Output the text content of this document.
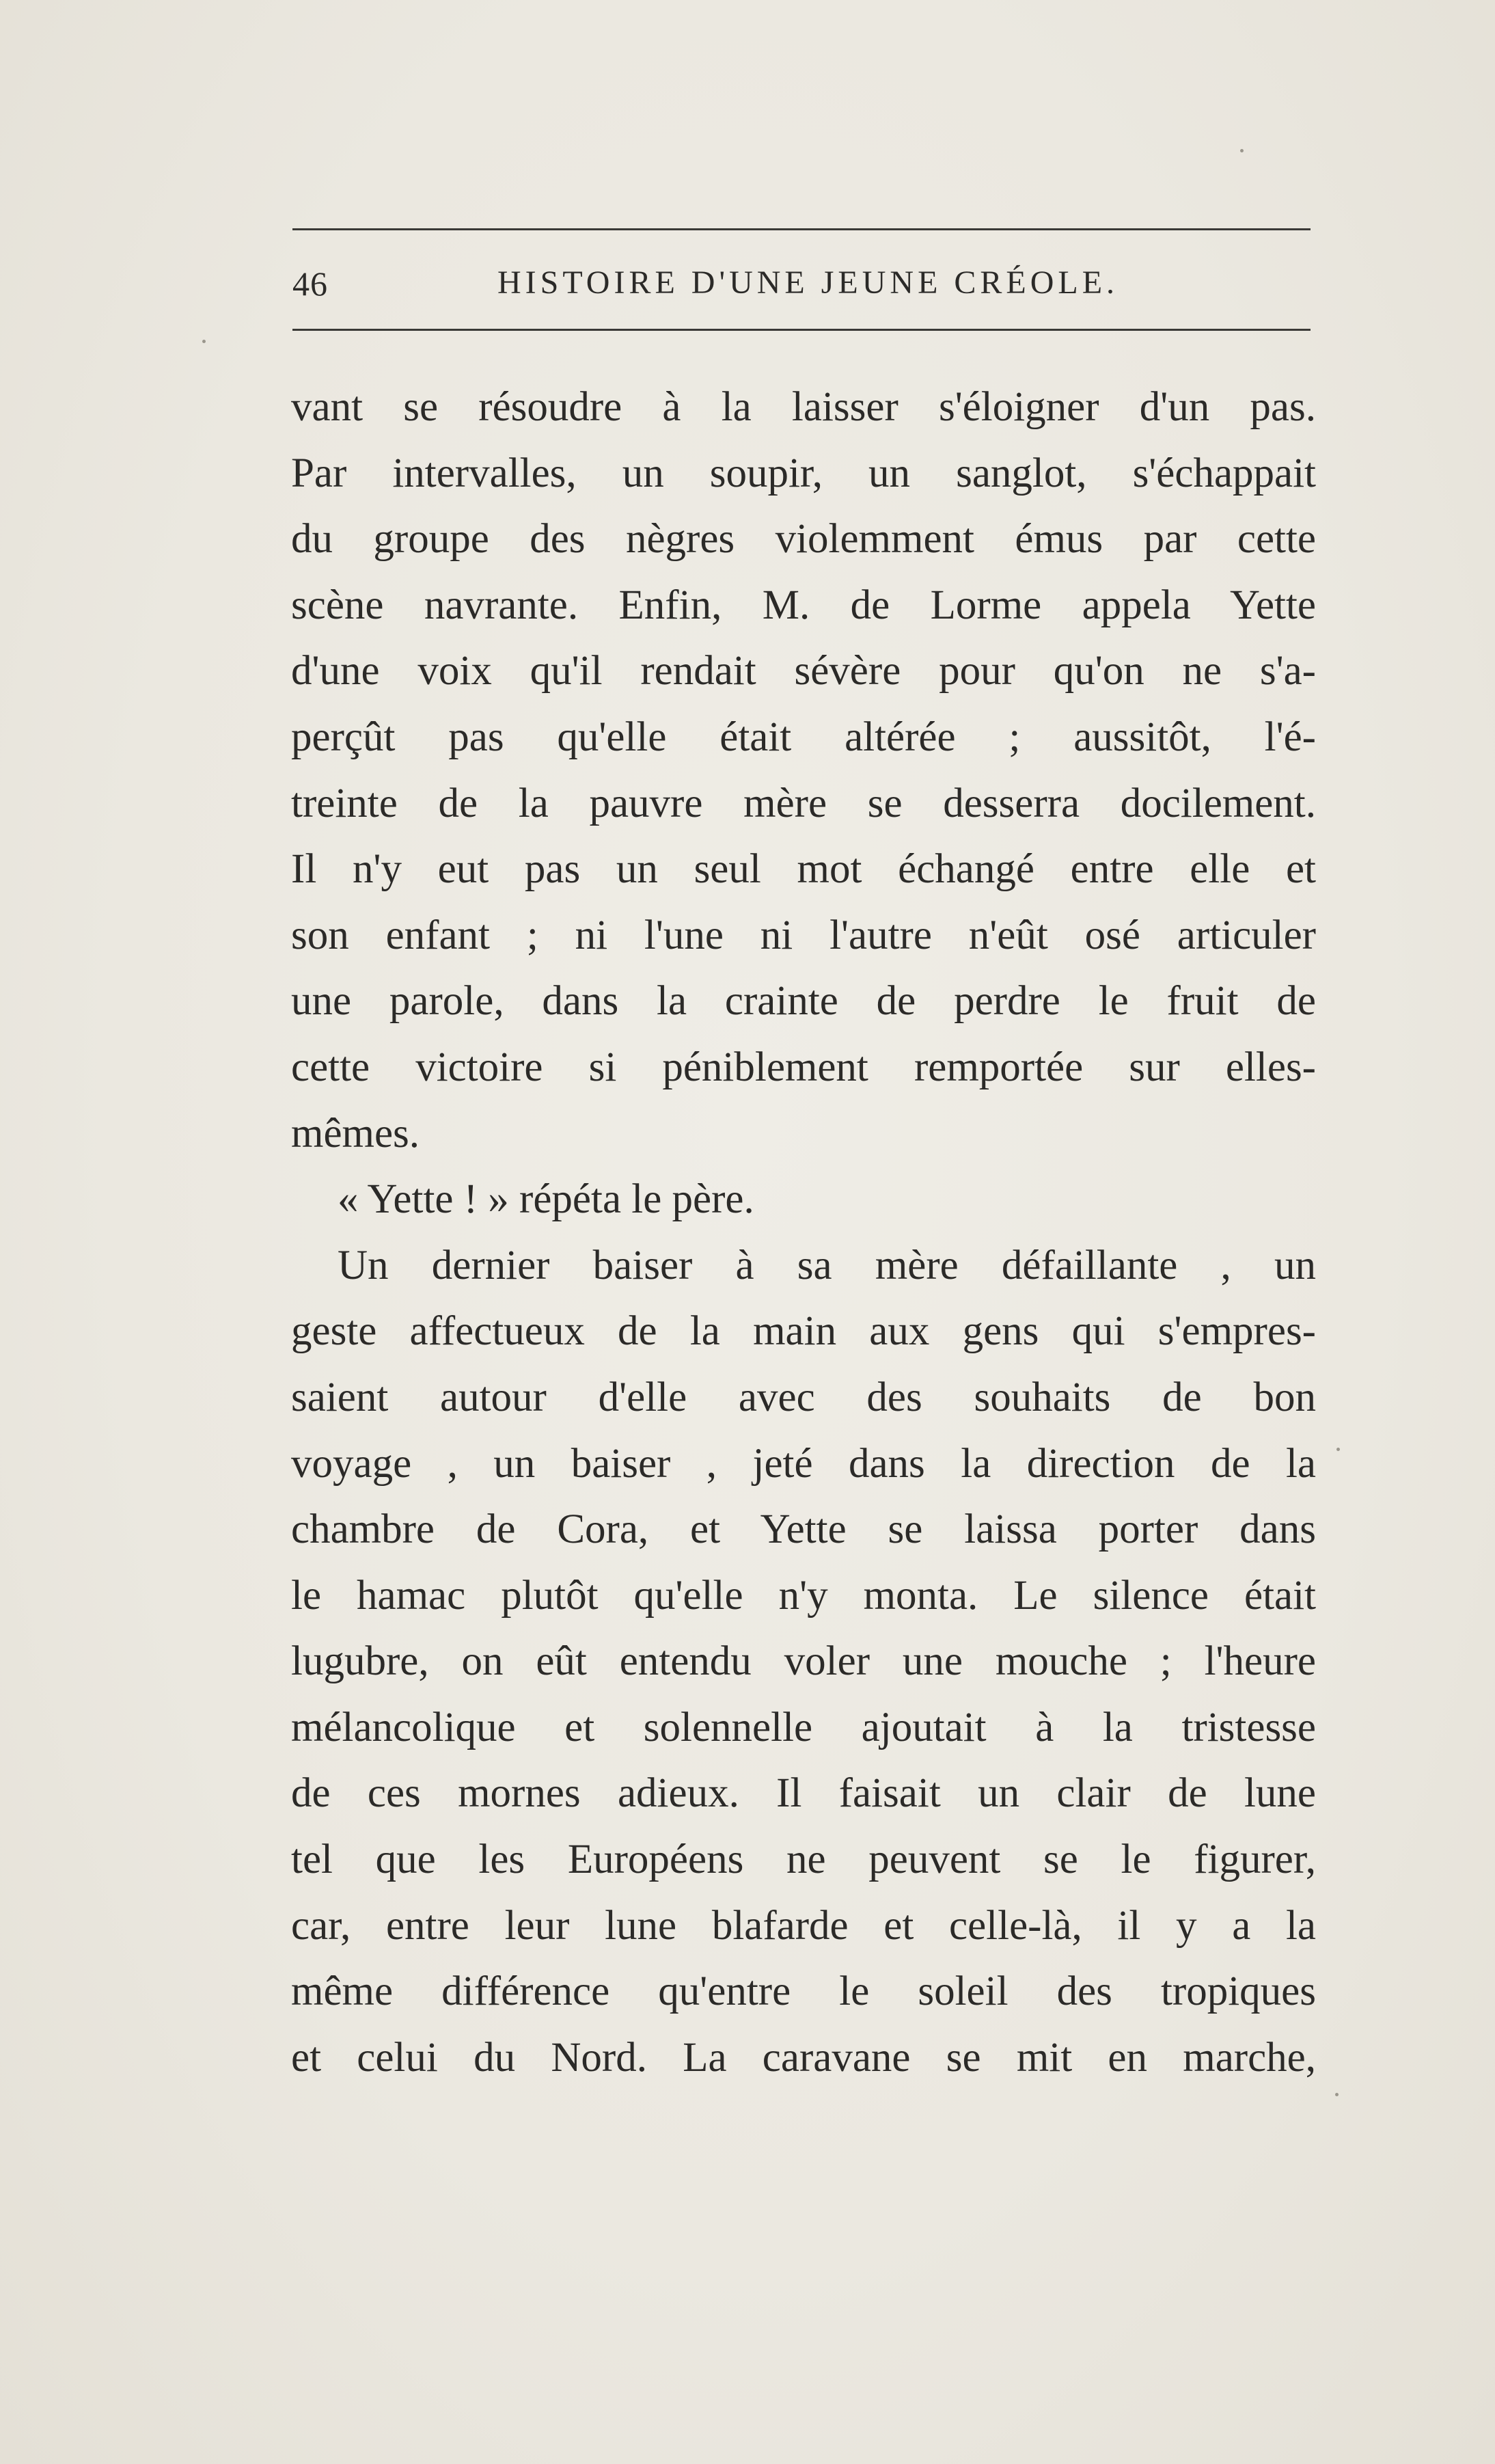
46	HISTOIRE D'UNE JEUNE CRÉOLE.
vant se résoudre à la laisser s'éloigner d'un pas.
Par intervalles, un soupir, un sanglot, s'échappait
du groupe des nègres violemment émus par cette
scène navrante. Enfin, M. de Lorme appela Yette
d'une voix qu'il rendait sévère pour qu'on ne s'a-
perçût pas qu'elle était altérée ; aussitôt, l'é-
treinte de la pauvre mère se desserra docilement.
Il n'y eut pas un seul mot échangé entre elle et
son enfant ; ni l'une ni l'autre n'eût osé articuler
une parole, dans la crainte de perdre le fruit de
cette victoire si péniblement remportée sur elles-
mêmes.
« Yette ! » répéta le père.
Un dernier baiser à sa mère défaillante , un
geste affectueux de la main aux gens qui s'empres-
saient autour d'elle avec des souhaits de bon
voyage , un baiser , jeté dans la direction de la
chambre de Cora, et Yette se laissa porter dans
le hamac plutôt qu'elle n'y monta. Le silence était
lugubre, on eût entendu voler une mouche ; l'heure
mélancolique et solennelle ajoutait à la tristesse
de ces mornes adieux. Il faisait un clair de lune
tel que les Européens ne peuvent se le figurer,
car, entre leur lune blafarde et celle-là, il y a la
même différence qu'entre le soleil des tropiques
et celui du Nord. La caravane se mit en marche,
